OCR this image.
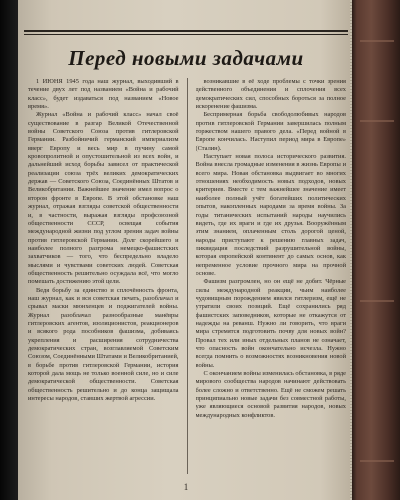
Перед новыми задачами

1 ИЮНЯ 1945 года наш журнал, выходивший в течение двух лет под названием «Война и рабочий класс», будет издаваться под названием «Новое время».

Журнал «Война и рабочий класс» начал своё существование в разгар Великой Отечественной войны Советского Союза против гитлеровской Германии. Разбойничий германский империализм вверг Европу и весь мир в пучину самой кровопролитной и опустошительной из всех войн, и дальнейший исход борьбы зависел от практической реализации союза трёх великих демократических держав — Советского Союза, Соединённых Штатов и Великобритании. Важнейшее значение имел вопрос о втором фронте в Европе. В этой обстановке наш журнал, отражая взгляды советской общественности и, в частности, выражая взгляды профсоюзной общественности СССР, освещая события международной жизни под углом зрения задач войны против гитлеровской Германии. Долг скорейшего и наиболее полного разгрома немецко-фашистских захватчиков — того, что беспредельно владело мыслями и чувствами советских людей. Советская общественность решительно осуждала всё, что могло помешать достижению этой цели.

Ведя борьбу за единство и сплочённость фронта, наш журнал, как и вся советская печать, разоблачал и срывал маски мюнхенцев и поджигателей войны. Журнал разоблачал разнообразные манёвры гитлеровских агентов, изоляционистов, реакционеров и всякого рода пособников фашизма, добиваясь укрепления и расширения сотрудничества демократических стран, возглавляемой Советским Союзом, Соединёнными Штатами и Великобританией, в борьбе против гитлеровской Германии, история которой дала мощь не только военной силе, но и силе демократической общественности. Советская общественность решительно и до конца защищала интересы народов, ставших жертвой агрессии.

возникавшие в её ходе проблемы с точки зрения действенного объединения и сплочения всех демократических сил, способных бороться за полное искоренение фашизма.

Беспримерная борьба свободолюбивых народов против гитлеровской Германии завершилась полным торжеством нашего правого дела. «Перед войной в Европе кончилась. Наступил период мира в Европе» (Сталин).

Наступает новая полоса исторического развития. Война внесла громадные изменения в жизнь Европы и всего мира. Новая обстановка выдвигает во многих отношениях необходимость новых подходов, новых критериев. Вместе с тем важнейшее значение имеет наиболее полный учёт богатейших политических опытов, накопленных народами за время войны. За годы титанических испытаний народы научились видеть, где их враги и где их друзья. Вооружённым этим знанием, оплаченным столь дорогой ценой, народы приступают к решению главных задач, ликвидация последствий разрушительной войны, которая европейской континент до самых основ, как непременное условие прочного мира на прочной основе.

Фашизм разгромлен, но он ещё не добит. Чёрные силы международной реакции, чьим наиболее чудовищным порождением явился гитлеризм, ещё не утратили своих позиций. Ещё сохранились ряд фашистских заповедников, которые не откажутся от надежды на реванш. Нужно ли говорить, что враги мира стремятся подготовить почву для новых войн? Провал тех или иных отдельных планов не означает, что опасность войн окончательно исчезла. Нужно всегда помнить о возможностях возникновения новой войны.

С окончанием войны изменилась обстановка, в ряде мирового сообщества народов начинают действовать более сложно и ответственно. Ещё не сможем решать принципиально новые задачи без совместной работы, уже являющиеся основой развития народов, новых международных конфликтов.

1
